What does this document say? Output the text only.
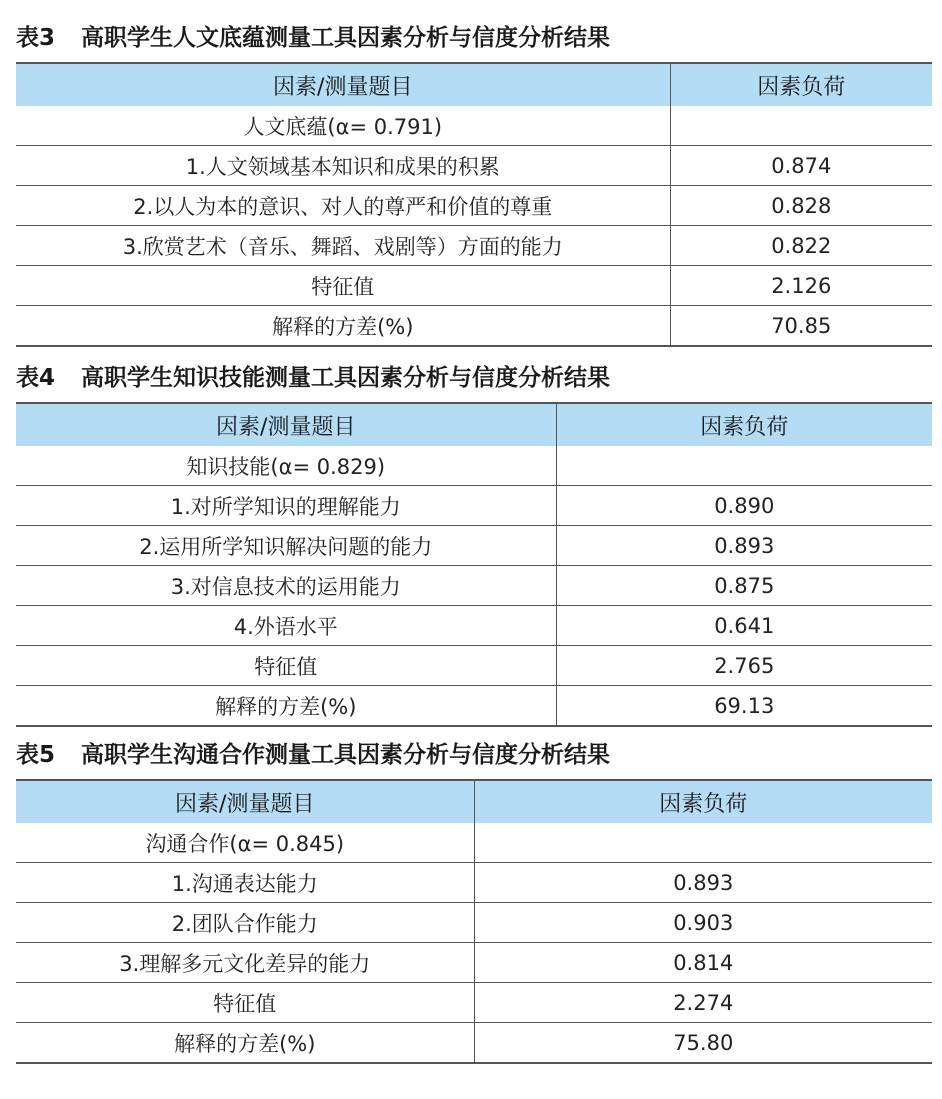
表3 高职学生人文底蕴测量工具因素分析与信度分析结果
因素/测量题目	因素负荷
人文底蕴(α= 0.791)	
1.人文领域基本知识和成果的积累	0.874
2.以人为本的意识、对人的尊严和价值的尊重	0.828
3.欣赏艺术（音乐、舞蹈、戏剧等）方面的能力	0.822
特征值	2.126
解释的方差(%)	70.85
表4 高职学生知识技能测量工具因素分析与信度分析结果
因素/测量题目	因素负荷
知识技能(α= 0.829)	
1.对所学知识的理解能力	0.890
2.运用所学知识解决问题的能力	0.893
3.对信息技术的运用能力	0.875
4.外语水平	0.641
特征值	2.765
解释的方差(%)	69.13
表5 高职学生沟通合作测量工具因素分析与信度分析结果
因素/测量题目	因素负荷
沟通合作(α= 0.845)	
1.沟通表达能力	0.893
2.团队合作能力	0.903
3.理解多元文化差异的能力	0.814
特征值	2.274
解释的方差(%)	75.80
